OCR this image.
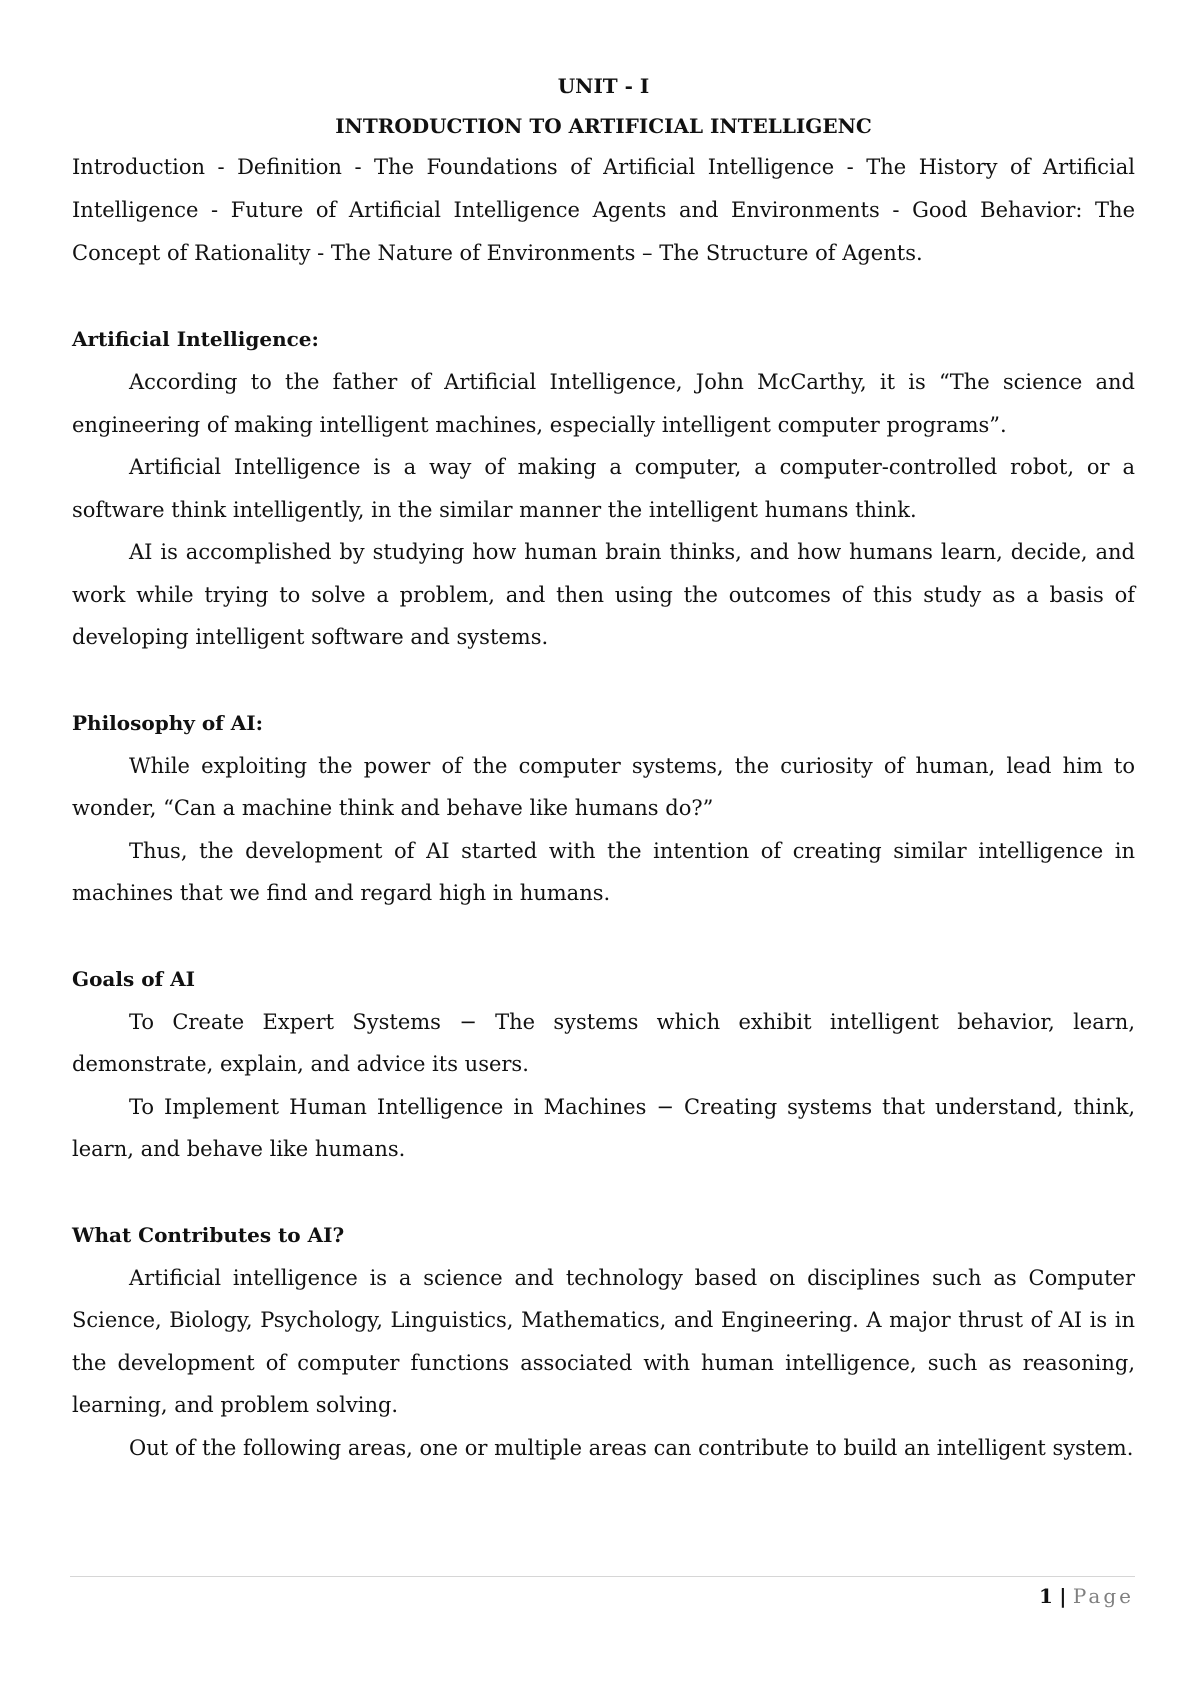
UNIT - I
INTRODUCTION TO ARTIFICIAL INTELLIGENC

Introduction - Definition - The Foundations of Artificial Intelligence - The History of Artificial Intelligence - Future of Artificial Intelligence Agents and Environments - Good Behavior: The Concept of Rationality - The Nature of Environments – The Structure of Agents.

Artificial Intelligence:

According to the father of Artificial Intelligence, John McCarthy, it is “The science and engineering of making intelligent machines, especially intelligent computer programs”.

Artificial Intelligence is a way of making a computer, a computer-controlled robot, or a software think intelligently, in the similar manner the intelligent humans think.

AI is accomplished by studying how human brain thinks, and how humans learn, decide, and work while trying to solve a problem, and then using the outcomes of this study as a basis of developing intelligent software and systems.

Philosophy of AI:

While exploiting the power of the computer systems, the curiosity of human, lead him to wonder, “Can a machine think and behave like humans do?”

Thus, the development of AI started with the intention of creating similar intelligence in machines that we find and regard high in humans.

Goals of AI

To Create Expert Systems − The systems which exhibit intelligent behavior, learn, demonstrate, explain, and advice its users.

To Implement Human Intelligence in Machines − Creating systems that understand, think, learn, and behave like humans.

What Contributes to AI?

Artificial intelligence is a science and technology based on disciplines such as Computer Science, Biology, Psychology, Linguistics, Mathematics, and Engineering. A major thrust of AI is in the development of computer functions associated with human intelligence, such as reasoning, learning, and problem solving.

Out of the following areas, one or multiple areas can contribute to build an intelligent system.

1 | Page
